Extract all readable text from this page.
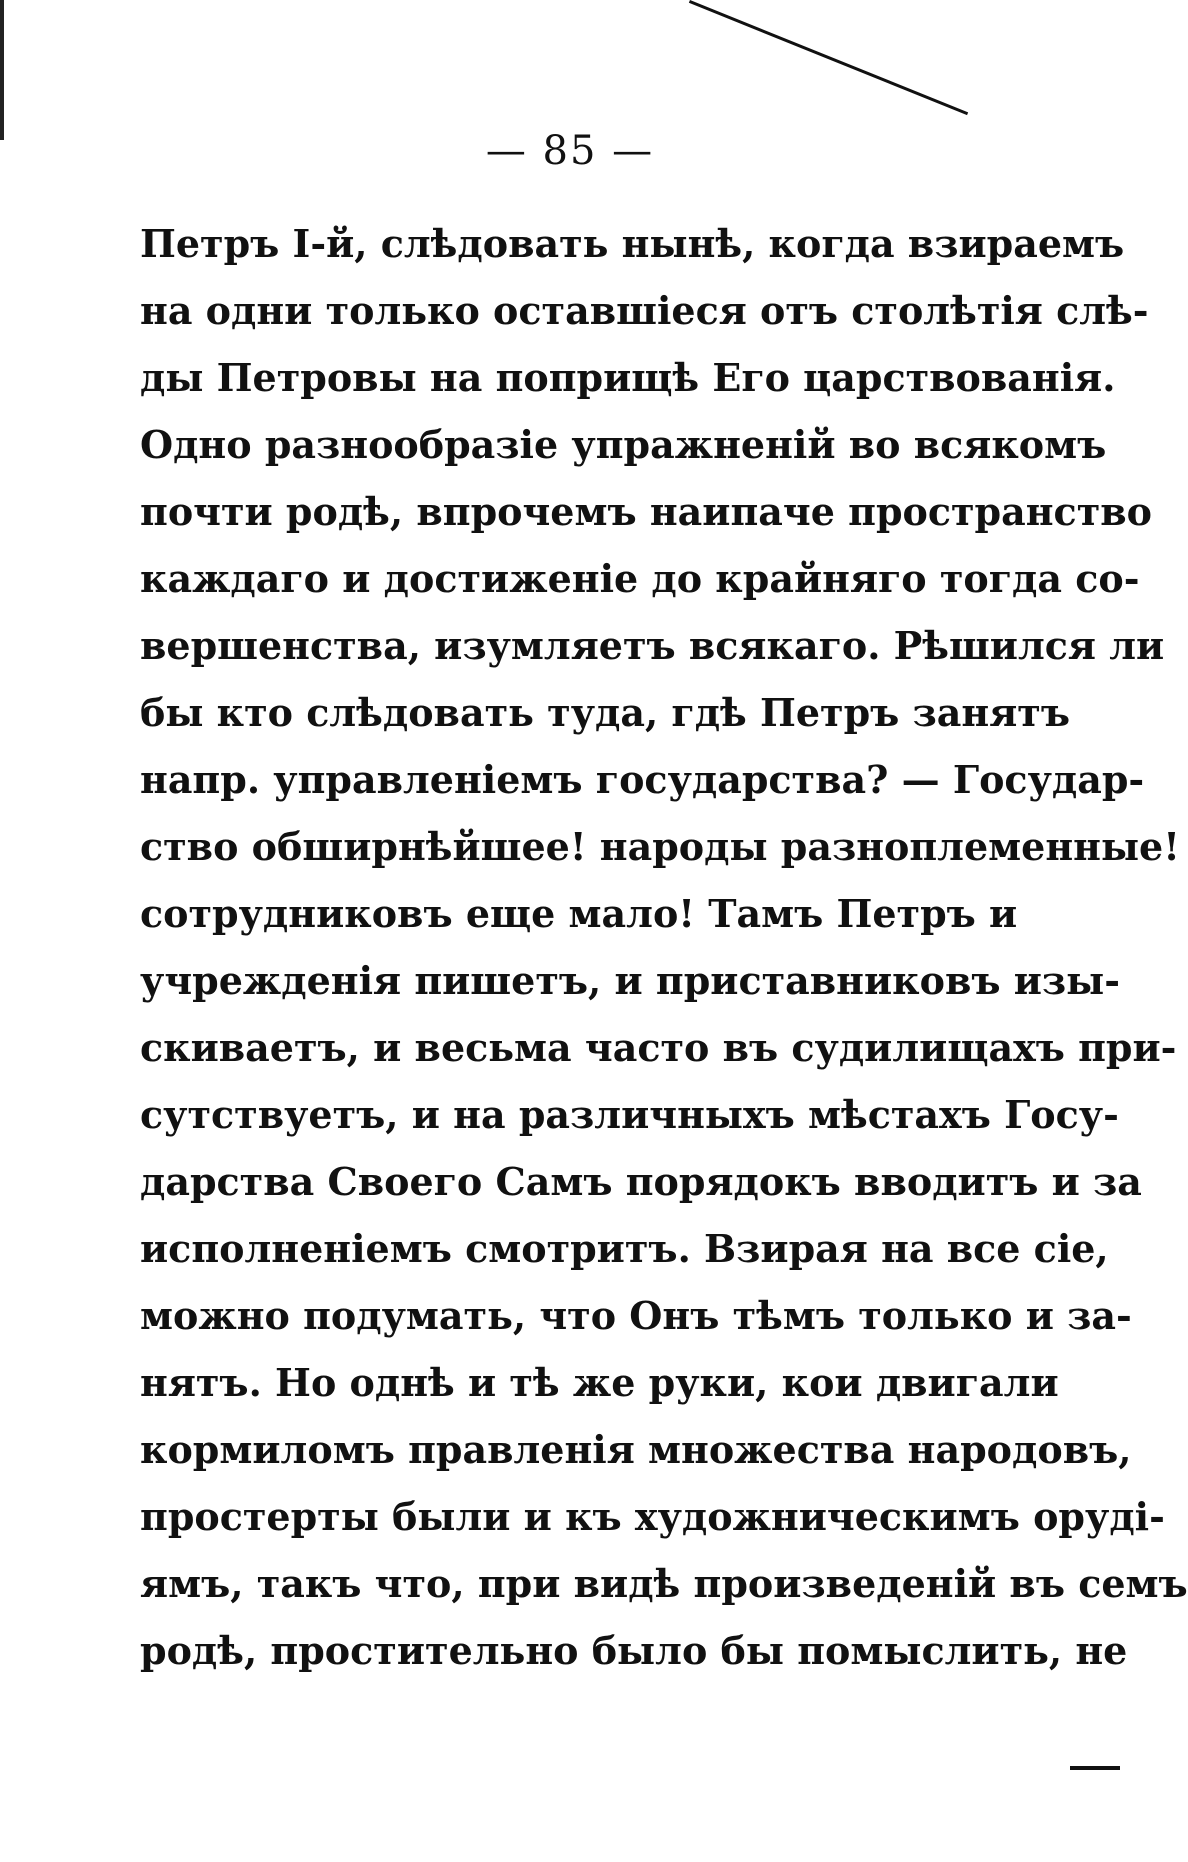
— 85 —
Петръ I-й, слѣдовать нынѣ, когда взираемъ
на одни только оставшіеся отъ столѣтія слѣ-
ды Петровы на поприщѣ Его царствованія.
Одно разнообразіе упражненій во всякомъ
почти родѣ, впрочемъ наипаче пространство
каждаго и достиженіе до крайняго тогда со-
вершенства, изумляетъ всякаго. Рѣшился ли
бы кто слѣдовать туда, гдѣ Петръ занятъ
напр. управленіемъ государства? — Государ-
ство обширнѣйшее! народы разноплеменные!
сотрудниковъ еще мало! Тамъ Петръ и
учрежденія пишетъ, и приставниковъ изы-
скиваетъ, и весьма часто въ судилищахъ при-
сутствуетъ, и на различныхъ мѣстахъ Госу-
дарства Своего Самъ порядокъ вводитъ и за
исполненіемъ смотритъ. Взирая на все сіе,
можно подумать, что Онъ тѣмъ только и за-
нятъ. Но однѣ и тѣ же руки, кои двигали
кормиломъ правленія множества народовъ,
простерты были и къ художническимъ орудi-
ямъ, такъ что, при видѣ произведеній въ семъ
родѣ, простительно было бы помыслить, не
